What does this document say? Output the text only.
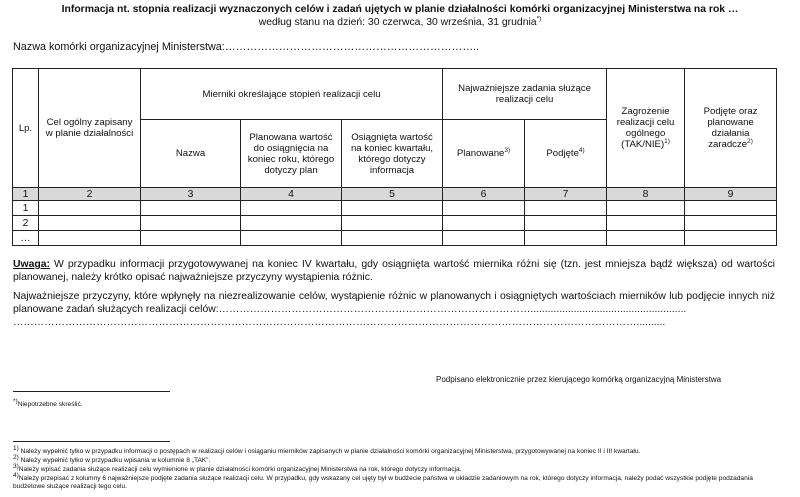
Informacja nt. stopnia realizacji wyznaczonych celów i zadań ujętych w planie działalności komórki organizacyjnej Ministerstwa na rok …
według stanu na dzień: 30 czerwca, 30 września, 31 grudnia*)
Nazwa komórki organizacyjnej Ministerstwa:……………………………………………………………..
Lp.	Cel ogólny zapisany w planie działalności	Mierniki określające stopień realizacji celu			Najważniejsze zadania służące realizacji celu		Zagrożenie realizacji celu ogólnego $(TAK/NIE)^{1)}$	Podjęte oraz planowane działania zaradcze$^{2)}$
		Nazwa	Planowana wartość do osiągnięcia na koniec roku, którego dotyczy plan	Osiągnięta wartość na koniec kwartału, którego dotyczy informacja	Planowane$^{3)}$	Podjęte$^{4)}$
1	2	3	4	5	6	7	8	9
1								
2								
…								
Uwaga: W przypadku informacji przygotowywanej na koniec IV kwartału, gdy osiągnięta wartość miernika różni się (tzn. jest mniejsza bądź większa) od wartości planowanej, należy krótko opisać najważniejsze przyczyny wystąpienia różnic.
Najważniejsze przyczyny, które wpłynęły na niezrealizowanie celów, wystąpienie różnic w planowanych i osiągniętych wartościach mierników lub podjęcie innych niż planowane zadań służących realizacji celów:………………………………………………………………………………......................................................
………………………………………………………………………………………………………………………………………………………………..........
Podpisano elektronicznie przez kierującego komórką organizacyjną Ministerstwa
*)Niepotrzebne skreślić.
$^{1)}$ Należy wypełnić tylko w przypadku informacji o postępach w realizacji celów i osiąganiu mierników zapisanych w planie działalności komórki organizacyjnej Ministerstwa, przygotowywanej na koniec II i III kwartału.
$^{2)}$ Należy wypełnić tylko w przypadku wpisania w kolumnie 8 „TAK”.
$^{3)}$Należy wpisać zadania służące realizacji celu wymienione w planie działalności komórki organizacyjnej Ministerstwa na rok, którego dotyczy informacja.
$^{4)}$Należy przepisać z kolumny 6 najważniejsze podjęte zadania służące realizacji celu. W przypadku, gdy wskazany cel ujęty był w budżecie państwa w układzie zadaniowym na rok, którego dotyczy informacja, należy podać wszystkie podjęte podzadania budżetowe służące realizacji tego celu.
